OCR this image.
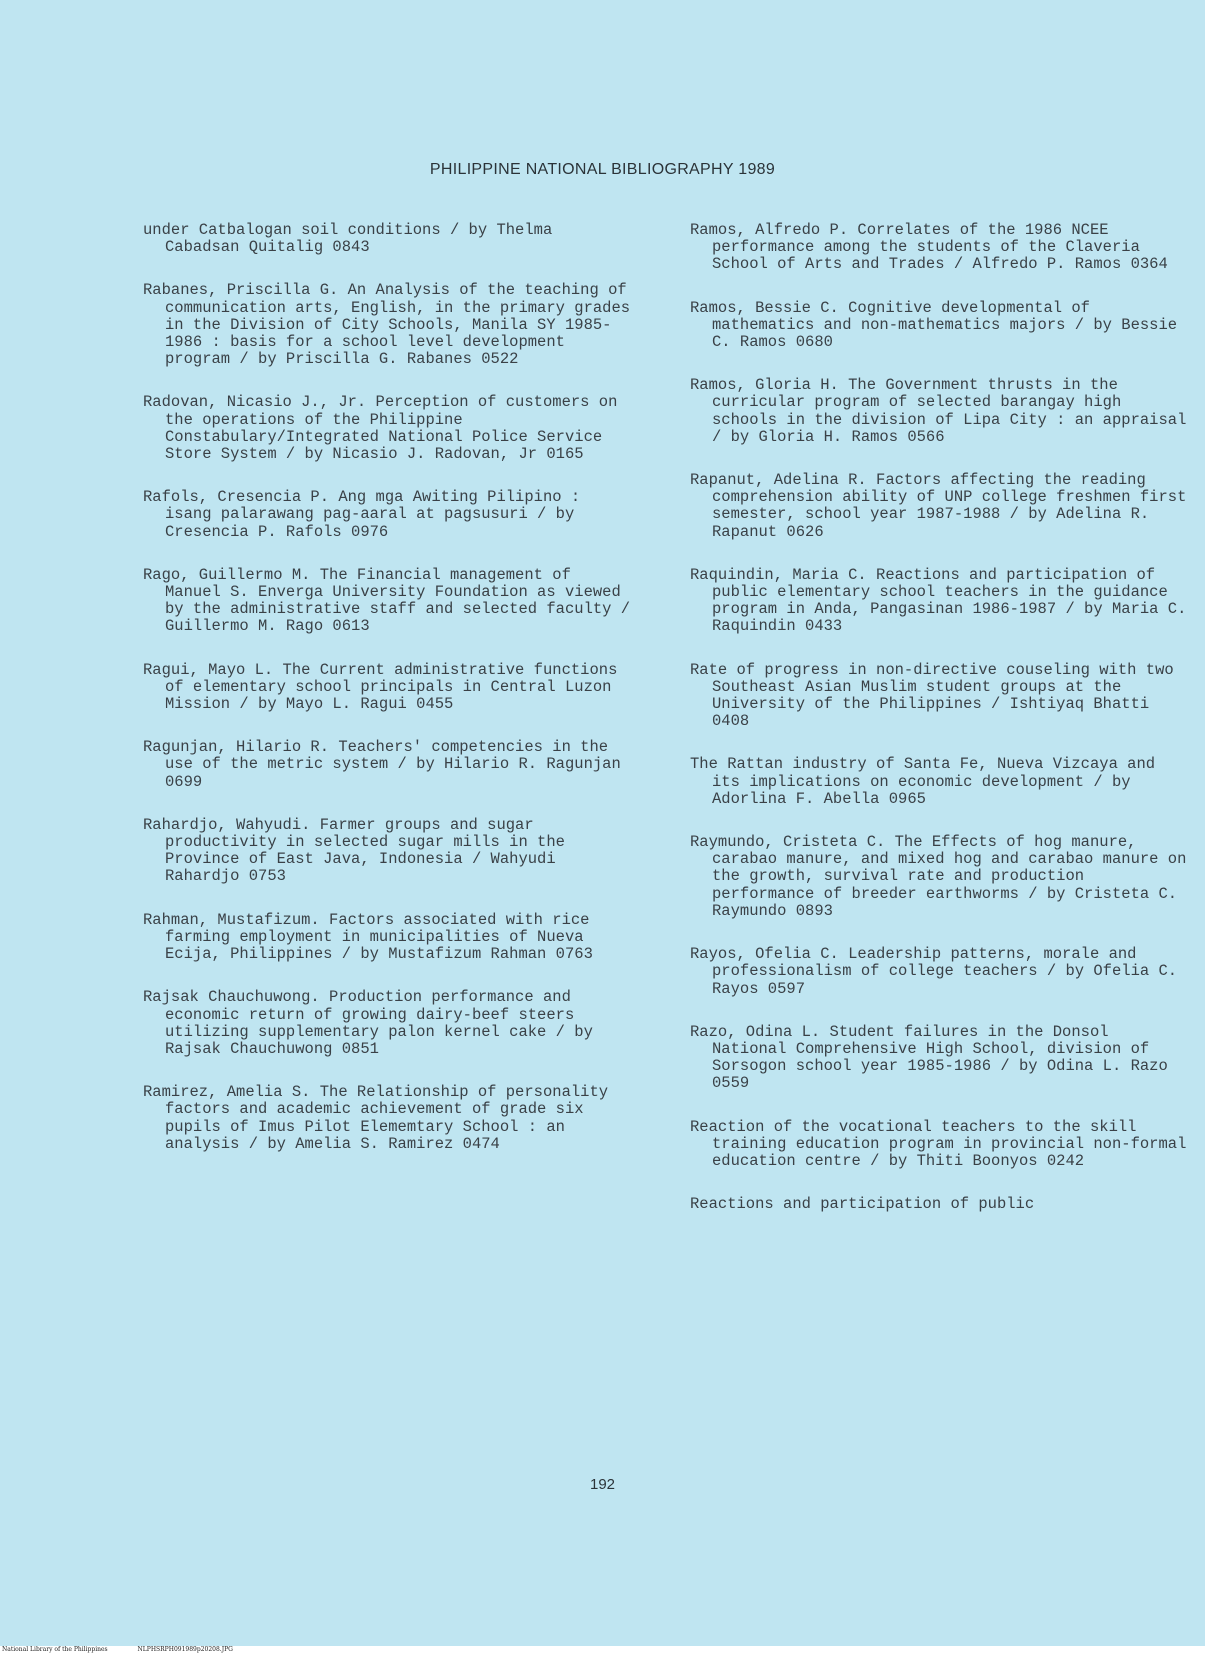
PHILIPPINE NATIONAL BIBLIOGRAPHY 1989

under Catbalogan soil conditions / by Thelma Cabadsan Quitalig 0843

Rabanes, Priscilla G. An Analysis of the teaching of communication arts, English, in the primary grades in the Division of City Schools, Manila SY 1985-1986 : basis for a school level development program / by Priscilla G. Rabanes 0522

Radovan, Nicasio J., Jr. Perception of customers on the operations of the Philippine Constabulary/Integrated National Police Service Store System / by Nicasio J. Radovan, Jr 0165

Rafols, Cresencia P. Ang mga Awiting Pilipino : isang palarawang pag-aaral at pagsusuri / by Cresencia P. Rafols 0976

Rago, Guillermo M. The Financial management of Manuel S. Enverga University Foundation as viewed by the administrative staff and selected faculty / Guillermo M. Rago 0613

Ragui, Mayo L. The Current administrative functions of elementary school principals in Central Luzon Mission / by Mayo L. Ragui 0455

Ragunjan, Hilario R. Teachers' competencies in the use of the metric system / by Hilario R. Ragunjan 0699

Rahardjo, Wahyudi. Farmer groups and sugar productivity in selected sugar mills in the Province of East Java, Indonesia / Wahyudi Rahardjo 0753

Rahman, Mustafizum. Factors associated with rice farming employment in municipalities of Nueva Ecija, Philippines / by Mustafizum Rahman 0763

Rajsak Chauchuwong. Production performance and economic return of growing dairy-beef steers utilizing supplementary palon kernel cake / by Rajsak Chauchuwong 0851

Ramirez, Amelia S. The Relationship of personality factors and academic achievement of grade six pupils of Imus Pilot Elememtary School : an analysis / by Amelia S. Ramirez 0474

Ramos, Alfredo P. Correlates of the 1986 NCEE performance among the students of the Claveria School of Arts and Trades / Alfredo P. Ramos 0364

Ramos, Bessie C. Cognitive developmental of mathematics and non-mathematics majors / by Bessie C. Ramos 0680

Ramos, Gloria H. The Government thrusts in the curricular program of selected barangay high schools in the division of Lipa City : an appraisal / by Gloria H. Ramos 0566

Rapanut, Adelina R. Factors affecting the reading comprehension ability of UNP college freshmen first semester, school year 1987-1988 / by Adelina R. Rapanut 0626

Raquindin, Maria C. Reactions and participation of public elementary school teachers in the guidance program in Anda, Pangasinan 1986-1987 / by Maria C. Raquindin 0433

Rate of progress in non-directive couseling with two Southeast Asian Muslim student groups at the University of the Philippines / Ishtiyaq Bhatti 0408

The Rattan industry of Santa Fe, Nueva Vizcaya and its implications on economic development / by Adorlina F. Abella 0965

Raymundo, Cristeta C. The Effects of hog manure, carabao manure, and mixed hog and carabao manure on the growth, survival rate and production performance of breeder earthworms / by Cristeta C. Raymundo 0893

Rayos, Ofelia C. Leadership patterns, morale and professionalism of college teachers / by Ofelia C. Rayos 0597

Razo, Odina L. Student failures in the Donsol National Comprehensive High School, division of Sorsogon school year 1985-1986 / by Odina L. Razo 0559

Reaction of the vocational teachers to the skill training education program in provincial non-formal education centre / by Thiti Boonyos 0242

Reactions and participation of public

192
National Library of the Philippines	NLPHSRPH091989p20208.JPG
